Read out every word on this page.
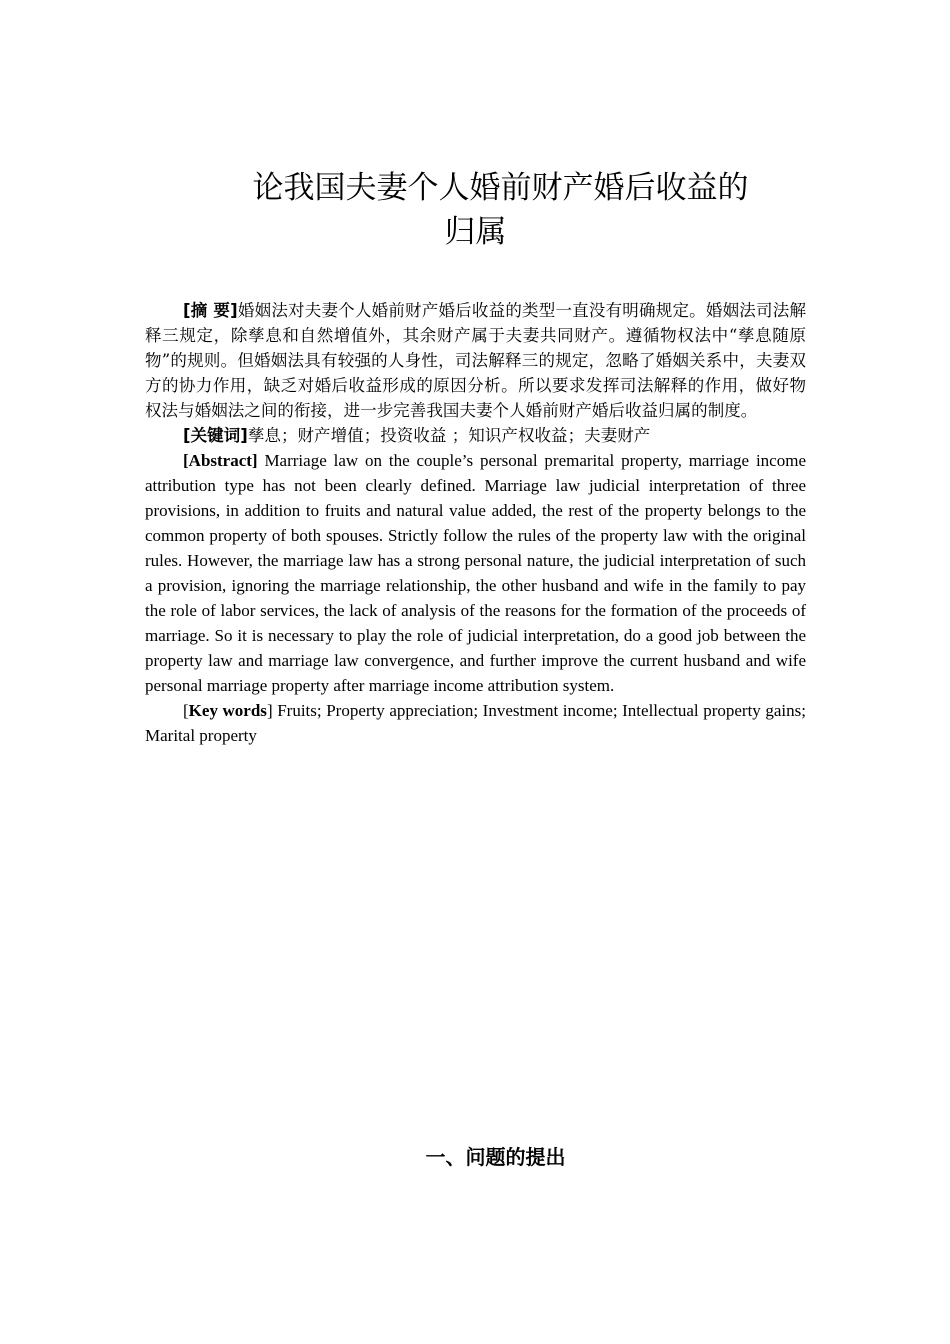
论我国夫妻个人婚前财产婚后收益的
归属

[摘 要]婚姻法对夫妻个人婚前财产婚后收益的类型一直没有明确规定。婚姻法司法解释三规定，除孳息和自然增值外，其余财产属于夫妻共同财产。遵循物权法中“孳息随原物”的规则。但婚姻法具有较强的人身性，司法解释三的规定，忽略了婚姻关系中，夫妻双方的协力作用，缺乏对婚后收益形成的原因分析。所以要求发挥司法解释的作用，做好物权法与婚姻法之间的衔接，进一步完善我国夫妻个人婚前财产婚后收益归属的制度。

[关键词]孳息；财产增值；投资收益 ；知识产权收益；夫妻财产

[Abstract] Marriage law on the couple’s personal premarital property, marriage income attribution type has not been clearly defined. Marriage law judicial interpretation of three provisions, in addition to fruits and natural value added, the rest of the property belongs to the common property of both spouses. Strictly follow the rules of the property law with the original rules. However, the marriage law has a strong personal nature, the judicial interpretation of such a provision, ignoring the marriage relationship, the other husband and wife in the family to pay the role of labor services, the lack of analysis of the reasons for the formation of the proceeds of marriage. So it is necessary to play the role of judicial interpretation, do a good job between the property law and marriage law convergence, and further improve the current husband and wife personal marriage property after marriage income attribution system.

[Key words] Fruits; Property appreciation; Investment income; Intellectual property gains; Marital property

一、问题的提出
